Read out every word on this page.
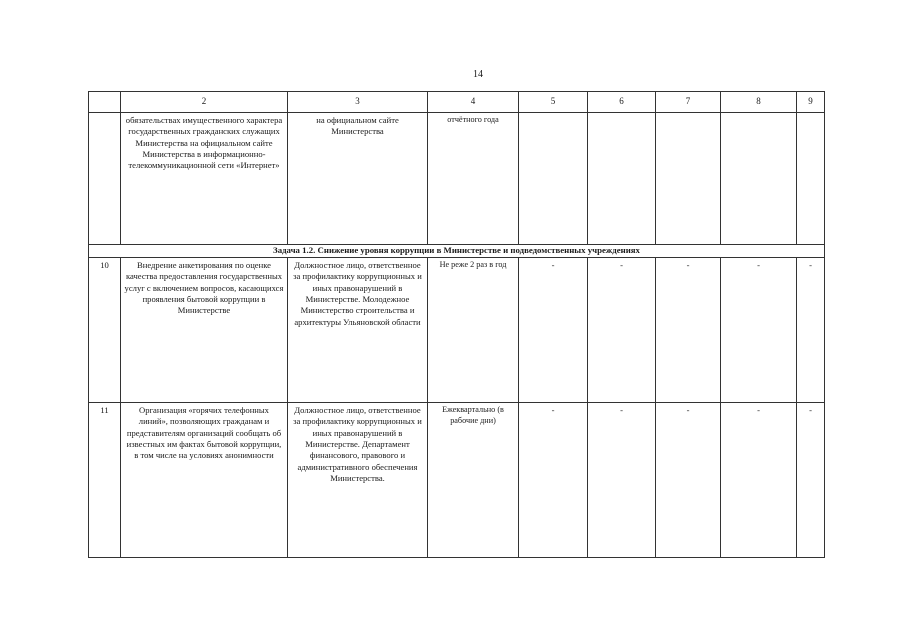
14
	2	3	4	5	6	7	8	9
	обязательствах имущественного характера государственных гражданских служащих Министерства на официальном сайте Министерства в информационно-телекоммуникационной сети «Интернет»	на официальном сайте Министерства	отчётного года					
Задача 1.2. Снижение уровня коррупции в Министерстве и подведомственных учреждениях								
10	Внедрение анкетирования по оценке качества предоставления государственных услуг с включением вопросов, касающихся проявления бытовой коррупции в Министерстве	Должностное лицо, ответственное за профилактику коррупционных и иных правонарушений в Министерстве. Молодежное Министерство строительства и архитектуры Ульяновской области	Не реже 2 раз в год	-	-	-	-	-
11	Организация «горячих телефонных линий», позволяющих гражданам и представителям организаций сообщать об известных им фактах бытовой коррупции, в том числе на условиях анонимности	Должностное лицо, ответственное за профилактику коррупционных и иных правонарушений в Министерстве. Департамент финансового, правового и административного обеспечения Министерства.	Ежеквартально (в рабочие дни)	-	-	-	-	-
